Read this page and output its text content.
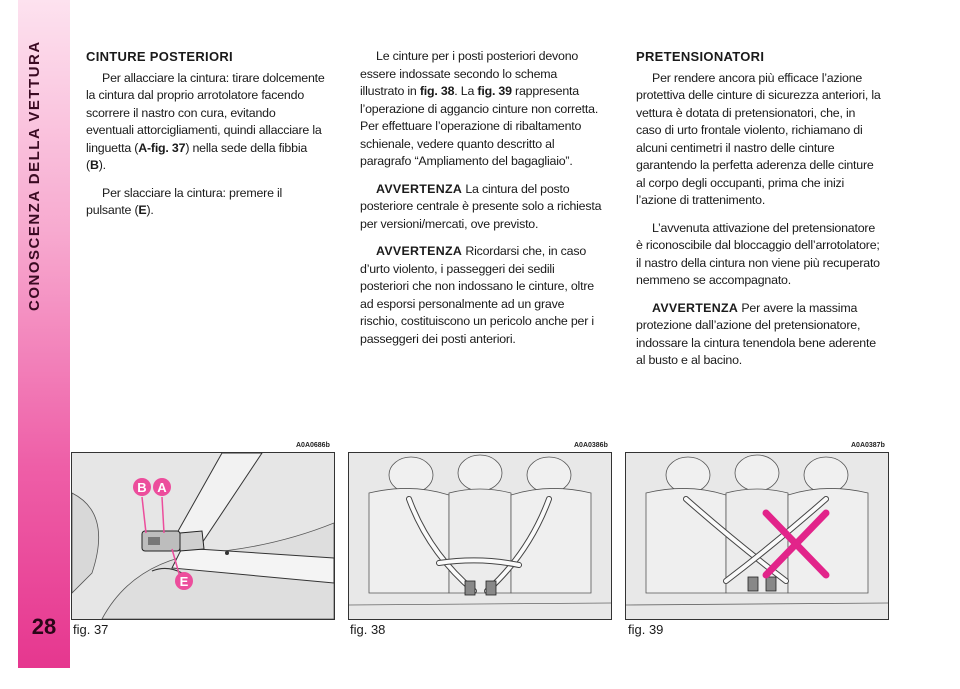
CONOSCENZA DELLA VETTURA
28
CINTURE POSTERIORI

Per allacciare la cintura: tirare dolcemente la cintura dal proprio arrotolatore facendo scorrere il nastro con cura, evitando eventuali attorcigliamenti, quindi allacciare la linguetta (A-fig. 37) nella sede della fibbia (B).

Per slacciare la cintura: premere il pulsante (E).

Le cinture per i posti posteriori devono essere indossate secondo lo schema illustrato in fig. 38. La fig. 39 rappresenta l’operazione di aggancio cinture non corretta. Per effettuare l’operazione di ribaltamento schienale, vedere quanto descritto al paragrafo “Ampliamento del bagagliaio”.

AVVERTENZA La cintura del posto posteriore centrale è presente solo a richiesta per versioni/mercati, ove previsto.

AVVERTENZA Ricordarsi che, in caso d’urto violento, i passeggeri dei sedili posteriori che non indossano le cinture, oltre ad esporsi personalmente ad un grave rischio, costituiscono un pericolo anche per i passeggeri dei posti anteriori.

PRETENSIONATORI

Per rendere ancora più efficace l’azione protettiva delle cinture di sicurezza anteriori, la vettura è dotata di pretensionatori, che, in caso di urto frontale violento, richiamano di alcuni centimetri il nastro delle cinture garantendo la perfetta aderenza delle cinture al corpo degli occupanti, prima che inizi l’azione di trattenimento.

L’avvenuta attivazione del pretensionatore è riconoscibile dal bloccaggio dell’arrotolatore; il nastro della cintura non viene più recuperato nemmeno se accompagnato.

AVVERTENZA Per avere la massima protezione dall’azione del pretensionatore, indossare la cintura tenendola bene aderente al busto e al bacino.

A0A0686b	A0A0386b	A0A0387b
B A
E
fig. 37	fig. 38	fig. 39
